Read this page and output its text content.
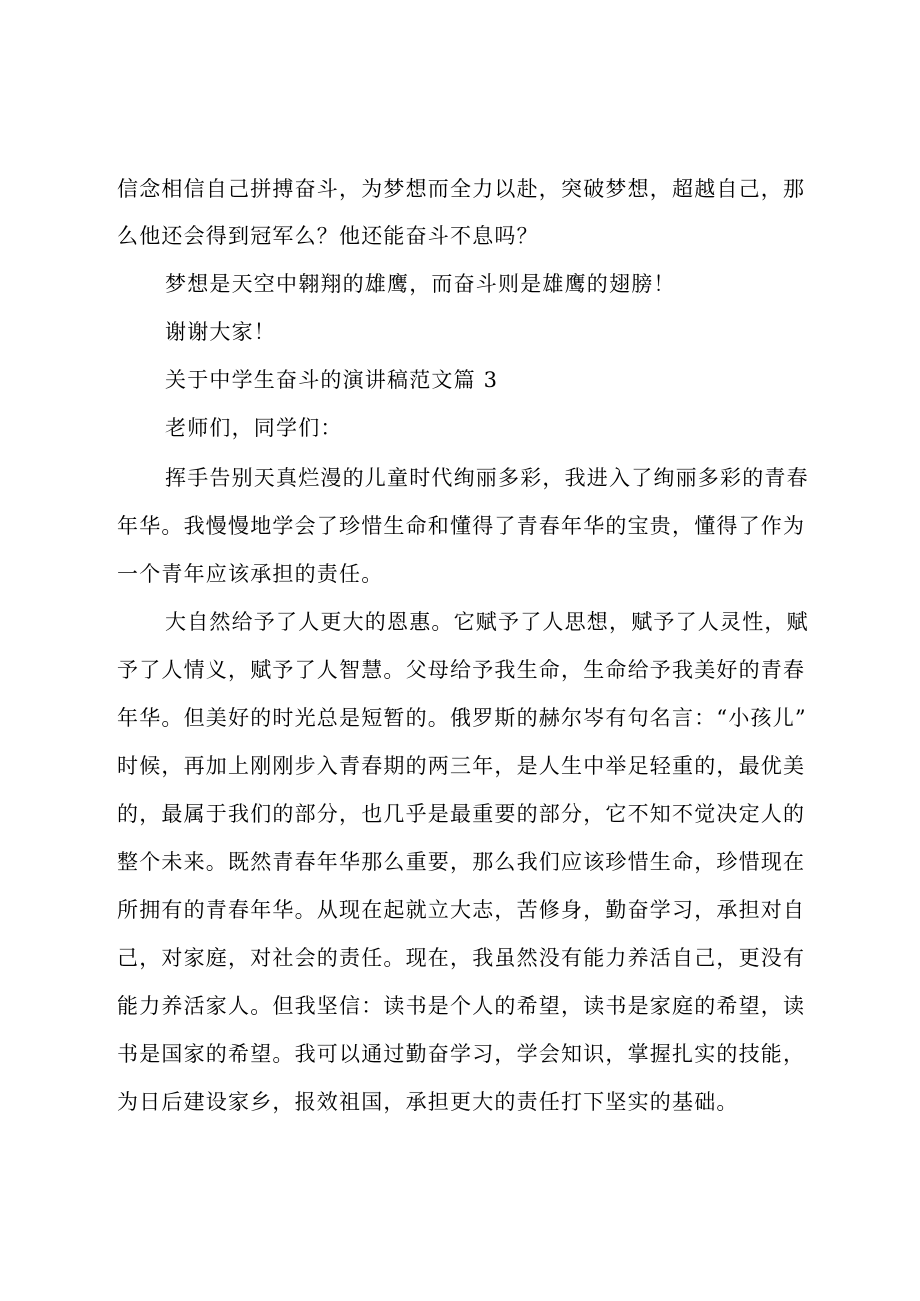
信念相信自己拼搏奋斗，为梦想而全力以赴，突破梦想，超越自己，那
么他还会得到冠军么？他还能奋斗不息吗？
梦想是天空中翱翔的雄鹰，而奋斗则是雄鹰的翅膀！
谢谢大家！
关于中学生奋斗的演讲稿范文篇 3
老师们，同学们：
挥手告别天真烂漫的儿童时代绚丽多彩，我进入了绚丽多彩的青春
年华。我慢慢地学会了珍惜生命和懂得了青春年华的宝贵，懂得了作为
一个青年应该承担的责任。
大自然给予了人更大的恩惠。它赋予了人思想，赋予了人灵性，赋
予了人情义，赋予了人智慧。父母给予我生命，生命给予我美好的青春
年华。但美好的时光总是短暂的。俄罗斯的赫尔岑有句名言：“小孩儿”
时候，再加上刚刚步入青春期的两三年，是人生中举足轻重的，最优美
的，最属于我们的部分，也几乎是最重要的部分，它不知不觉决定人的
整个未来。既然青春年华那么重要，那么我们应该珍惜生命，珍惜现在
所拥有的青春年华。从现在起就立大志，苦修身，勤奋学习，承担对自
己，对家庭，对社会的责任。现在，我虽然没有能力养活自己，更没有
能力养活家人。但我坚信：读书是个人的希望，读书是家庭的希望，读
书是国家的希望。我可以通过勤奋学习，学会知识，掌握扎实的技能，
为日后建设家乡，报效祖国，承担更大的责任打下坚实的基础。
